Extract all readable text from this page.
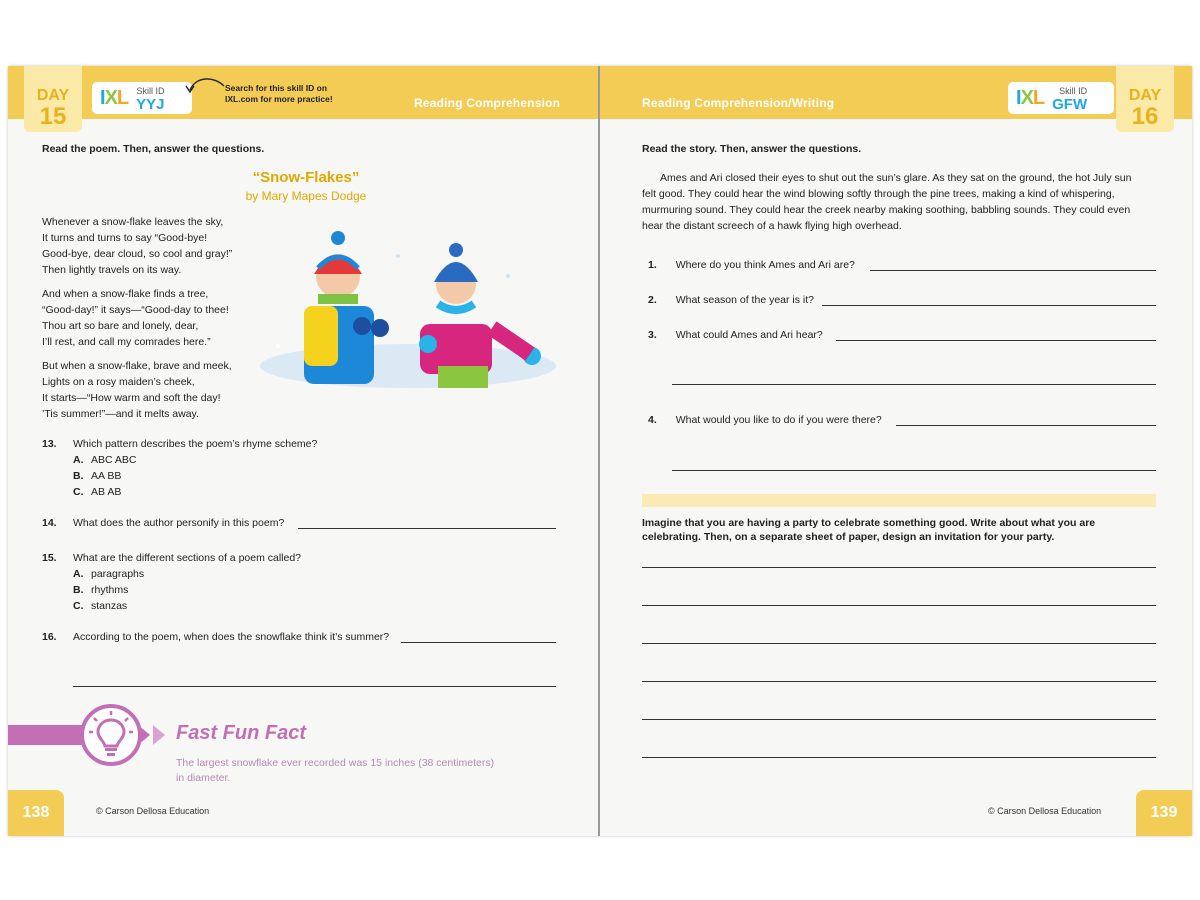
DAY
15
IXL Skill ID
YYJ
Search for this skill ID on
IXL.com for more practice!	Reading Comprehension
Read the poem. Then, answer the questions.
“Snow-Flakes”
by Mary Mapes Dodge
Whenever a snow-flake leaves the sky,
It turns and turns to say “Good-bye!
Good-bye, dear cloud, so cool and gray!”
Then lightly travels on its way.
And when a snow-flake finds a tree,
“Good-day!” it says—“Good-day to thee!
Thou art so bare and lonely, dear,
I’ll rest, and call my comrades here.”
But when a snow-flake, brave and meek,
Lights on a rosy maiden’s cheek,
It starts—“How warm and soft the day!
’Tis summer!”—and it melts away.
13. Which pattern describes the poem’s rhyme scheme?
A. ABC ABC
B. AA BB
C. AB AB
14. What does the author personify in this poem?
15. What are the different sections of a poem called?
A. paragraphs
B. rhythms
C. stanzas
16. According to the poem, when does the snowflake think it’s summer?
Fast Fun Fact
The largest snowflake ever recorded was 15 inches (38 centimeters)
in diameter.
138	© Carson Dellosa Education
Reading Comprehension/Writing	IXL	Skill ID
GFW	DAY
16
Read the story. Then, answer the questions.
Ames and Ari closed their eyes to shut out the sun’s glare. As they sat on the ground, the hot July sun
felt good. They could hear the wind blowing softly through the pine trees, making a kind of whispering,
murmuring sound. They could hear the creek nearby making soothing, babbling sounds. They could even
hear the distant screech of a hawk flying high overhead.
1. Where do you think Ames and Ari are?
2. What season of the year is it?
3. What could Ames and Ari hear?
4. What would you like to do if you were there?
Imagine that you are having a party to celebrate something good. Write about what you are
celebrating. Then, on a separate sheet of paper, design an invitation for your party.
© Carson Dellosa Education	139
